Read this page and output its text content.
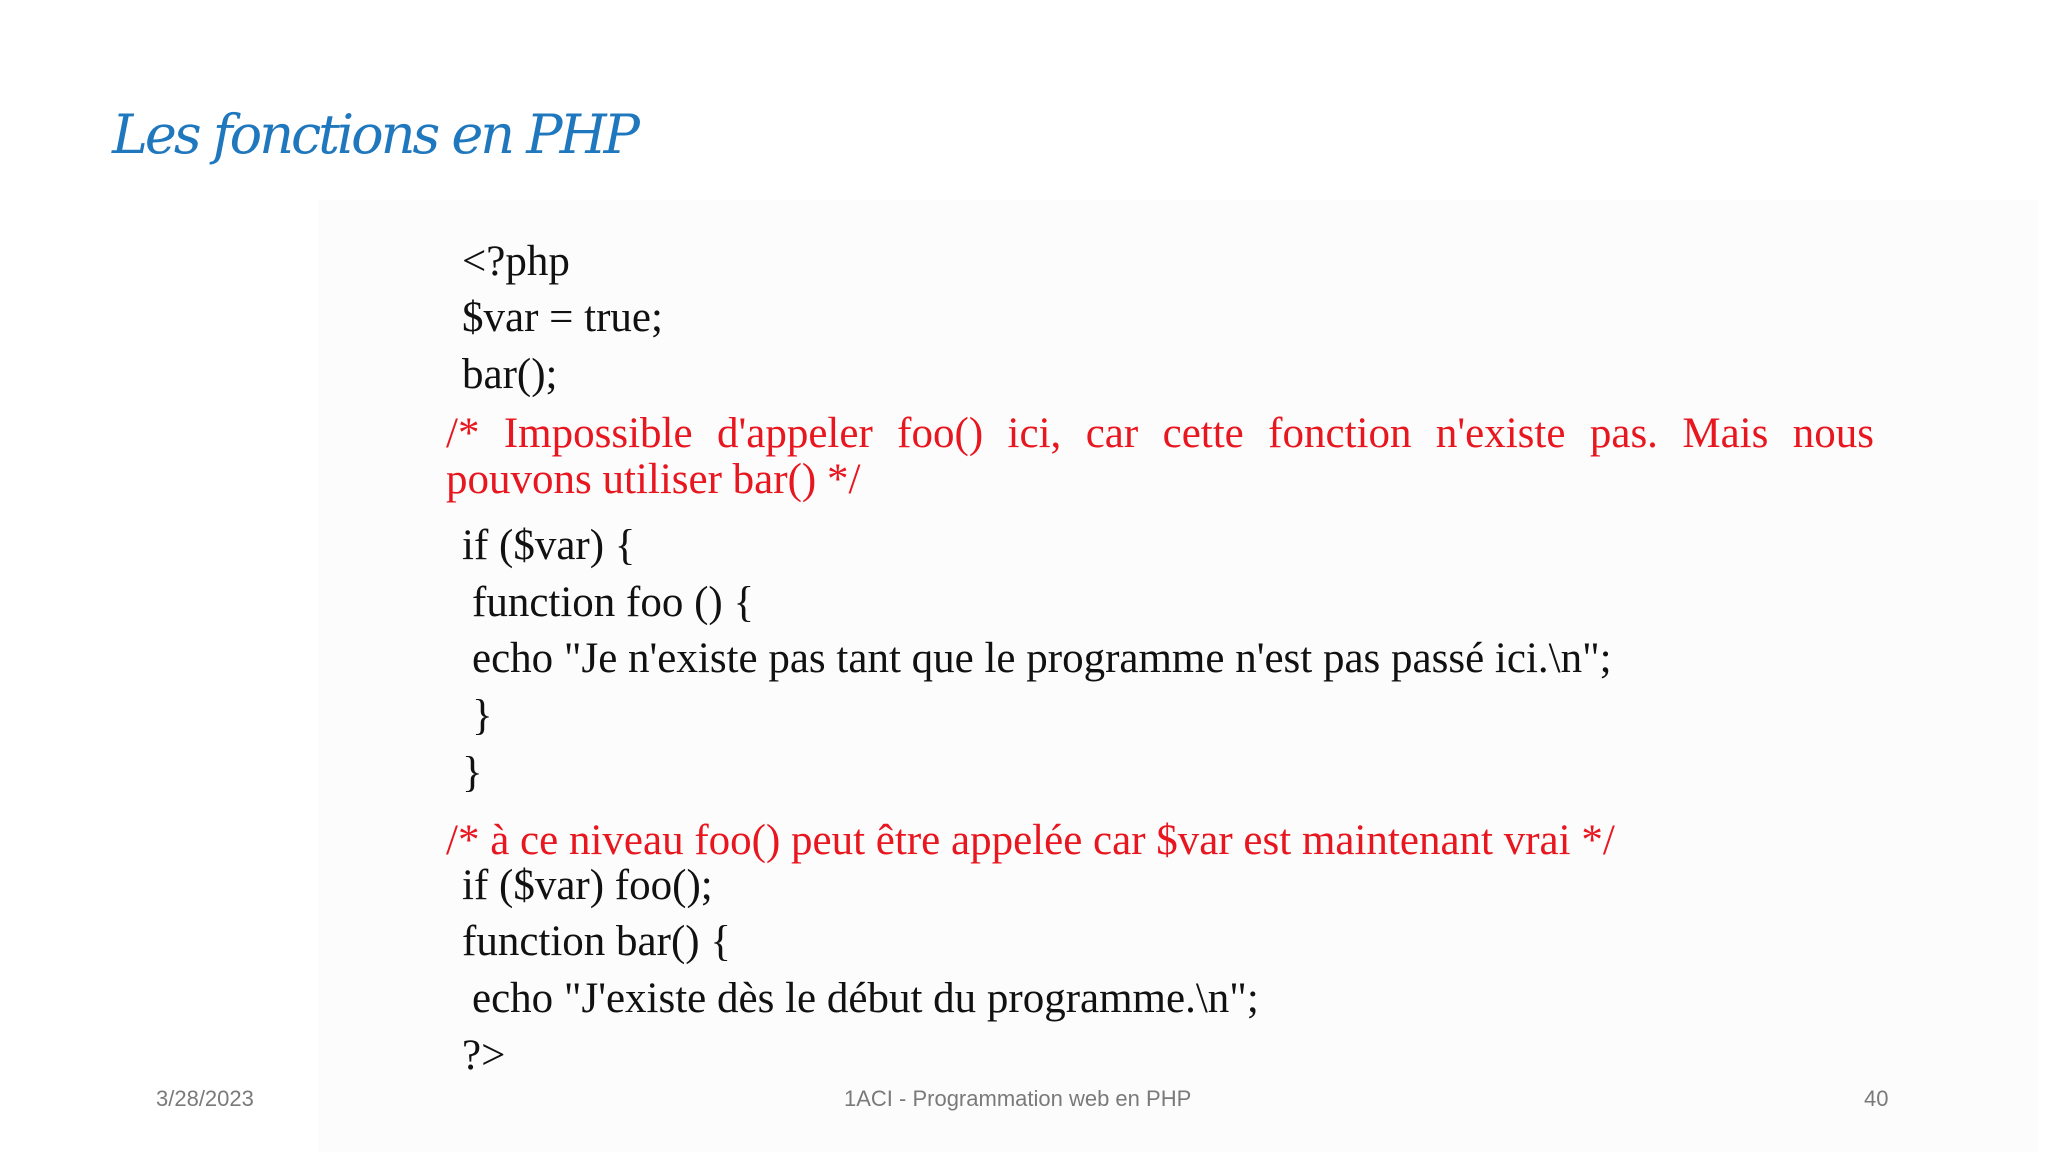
Les fonctions en PHP
<?php
$var = true;
bar();
/* Impossible d'appeler foo() ici, car cette fonction n'existe pas. Mais nous
pouvons utiliser bar() */
if ($var) {
function foo () {
echo "Je n'existe pas tant que le programme n'est pas passé ici.\n";
}
}
/* à ce niveau foo() peut être appelée car $var est maintenant vrai */
if ($var) foo();
function bar() {
echo "J'existe dès le début du programme.\n";
?>
3/28/2023	1ACI - Programmation web en PHP	40
